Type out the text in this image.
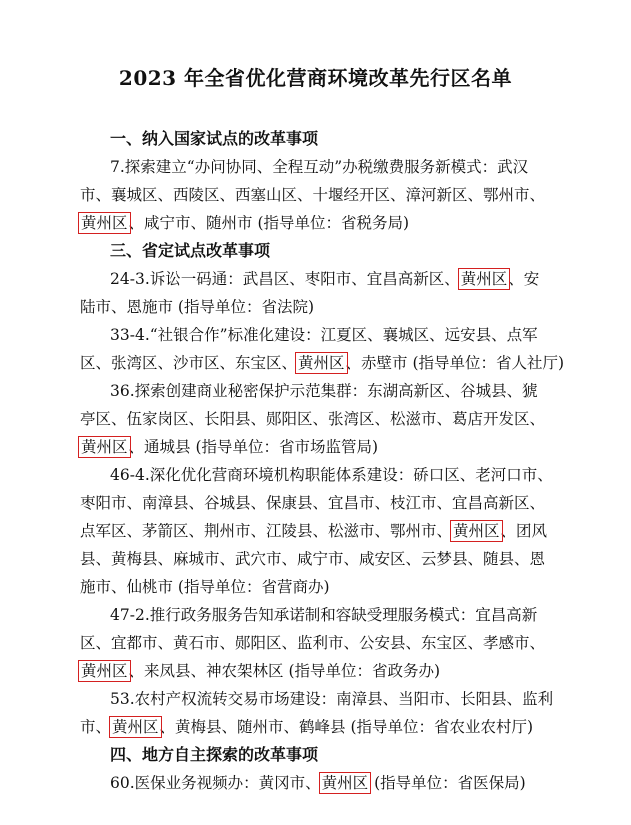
2023 年全省优化营商环境改革先行区名单
一、纳入国家试点的改革事项
7.探索建立“办问协同、全程互动”办税缴费服务新模式：武汉
市、襄城区、西陵区、西塞山区、十堰经开区、漳河新区、鄂州市、
黄州区、咸宁市、随州市 (指导单位：省税务局)
三、省定试点改革事项
24-3.诉讼一码通：武昌区、枣阳市、宜昌高新区、黄州区、安
陆市、恩施市 (指导单位：省法院)
33-4.“社银合作”标准化建设：江夏区、襄城区、远安县、点军
区、张湾区、沙市区、东宝区、黄州区、赤壁市 (指导单位：省人社厅)
36.探索创建商业秘密保护示范集群：东湖高新区、谷城县、猇
亭区、伍家岗区、长阳县、郧阳区、张湾区、松滋市、葛店开发区、
黄州区、通城县 (指导单位：省市场监管局)
46-4.深化优化营商环境机构职能体系建设：硚口区、老河口市、
枣阳市、南漳县、谷城县、保康县、宜昌市、枝江市、宜昌高新区、
点军区、茅箭区、荆州市、江陵县、松滋市、鄂州市、黄州区、团风
县、黄梅县、麻城市、武穴市、咸宁市、咸安区、云梦县、随县、恩
施市、仙桃市 (指导单位：省营商办)
47-2.推行政务服务告知承诺制和容缺受理服务模式：宜昌高新
区、宜都市、黄石市、郧阳区、监利市、公安县、东宝区、孝感市、
黄州区、来凤县、神农架林区 (指导单位：省政务办)
53.农村产权流转交易市场建设：南漳县、当阳市、长阳县、监利
市、黄州区、黄梅县、随州市、鹤峰县 (指导单位：省农业农村厅)
四、地方自主探索的改革事项
60.医保业务视频办：黄冈市、黄州区 (指导单位：省医保局)
